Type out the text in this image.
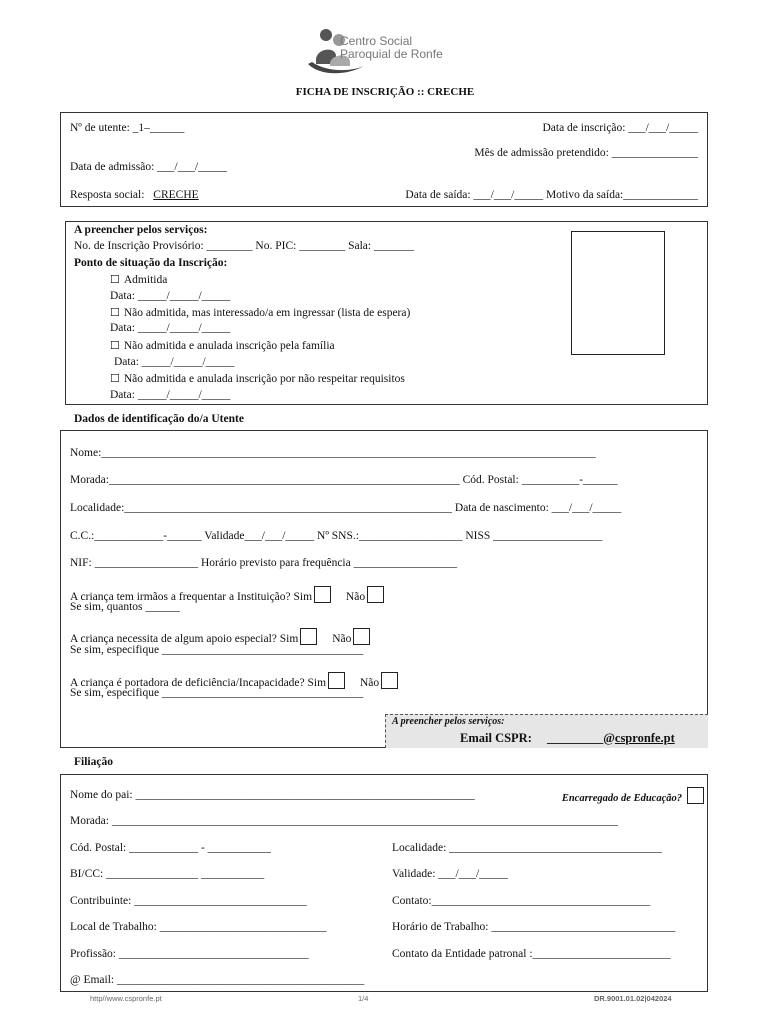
Centro Social
Paroquial de Ronfe
FICHA DE INSCRIÇÃO :: CRECHE
Nº de utente: _1–______	Data de inscrição: ___/___/_____
Mês de admissão pretendido: _______________
Data de admissão: ___/___/_____
Resposta social: CRECHE	Data de saída: ___/___/_____ Motivo da saída:_____________
A preencher pelos serviços:
No. de Inscrição Provisório: ________ No. PIC: ________ Sala: _______
Ponto de situação da Inscrição:
☐ Admitida
Data: _____/_____/_____
☐ Não admitida, mas interessado/a em ingressar (lista de espera)
Data: _____/_____/_____
☐ Não admitida e anulada inscrição pela família
Data: _____/_____/_____
☐ Não admitida e anulada inscrição por não respeitar requisitos
Data: _____/_____/_____
Dados de identificação do/a Utente
Nome:______________________________________________________________________________________
Morada:_____________________________________________________________ Cód. Postal: __________-______
Localidade:_________________________________________________________ Data de nascimento: ___/___/_____
C.C.:____________-______ Validade___/___/_____ Nº SNS.:__________________ NISS ___________________
NIF: __________________ Horário previsto para frequência __________________
A criança tem irmãos a frequentar a Instituição? Sim	Não
Se sim, quantos ______
A criança necessita de algum apoio especial? Sim	Não
Se sim, especifique ___________________________________
A criança é portadora de deficiência/Incapacidade? Sim	Não
Se sim, especifique ___________________________________
A preencher pelos serviços:
Email CSPR: _________@cspronfe.pt
Filiação
Nome do pai: ___________________________________________________________	Encarregado de Educação?
Morada: ________________________________________________________________________________________
Cód. Postal: ____________ - ___________	Localidade: _____________________________________
BI/CC: ________________ ___________	Validade: ___/___/_____
Contribuinte: ______________________________	Contato:______________________________________
Local de Trabalho: _____________________________	Horário de Trabalho: ________________________________
Profissão: _________________________________	Contato da Entidade patronal :________________________
@ Email: ___________________________________________
http//www.cspronfe.pt	1/4	DR.9001.01.02|042024
